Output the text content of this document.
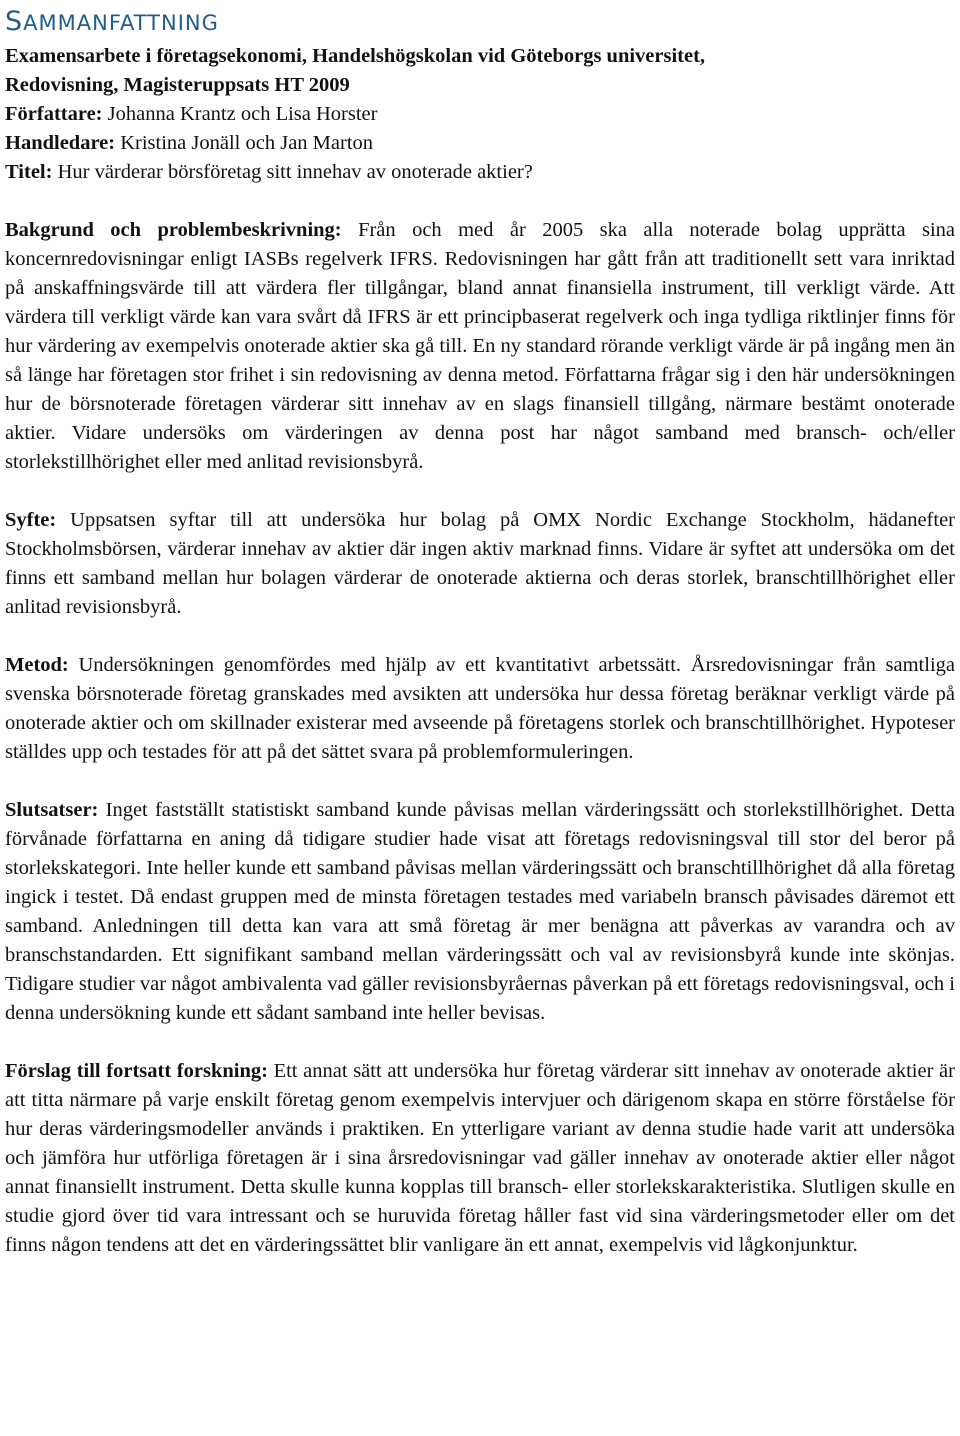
SAMMANFATTNING
Examensarbete i företagsekonomi, Handelshögskolan vid Göteborgs universitet,
Redovisning, Magisteruppsats HT 2009
Författare: Johanna Krantz och Lisa Horster
Handledare: Kristina Jonäll och Jan Marton
Titel: Hur värderar börsföretag sitt innehav av onoterade aktier?

Bakgrund och problembeskrivning: Från och med år 2005 ska alla noterade bolag upprätta sina koncernredovisningar enligt IASBs regelverk IFRS. Redovisningen har gått från att traditionellt sett vara inriktad på anskaffningsvärde till att värdera fler tillgångar, bland annat finansiella instrument, till verkligt värde. Att värdera till verkligt värde kan vara svårt då IFRS är ett principbaserat regelverk och inga tydliga riktlinjer finns för hur värdering av exempelvis onoterade aktier ska gå till. En ny standard rörande verkligt värde är på ingång men än så länge har företagen stor frihet i sin redovisning av denna metod. Författarna frågar sig i den här undersökningen hur de börsnoterade företagen värderar sitt innehav av en slags finansiell tillgång, närmare bestämt onoterade aktier. Vidare undersöks om värderingen av denna post har något samband med bransch- och/eller storlekstillhörighet eller med anlitad revisionsbyrå.

Syfte: Uppsatsen syftar till att undersöka hur bolag på OMX Nordic Exchange Stockholm, hädanefter Stockholmsbörsen, värderar innehav av aktier där ingen aktiv marknad finns. Vidare är syftet att undersöka om det finns ett samband mellan hur bolagen värderar de onoterade aktierna och deras storlek, branschtillhörighet eller anlitad revisionsbyrå.

Metod: Undersökningen genomfördes med hjälp av ett kvantitativt arbetssätt. Årsredovisningar från samtliga svenska börsnoterade företag granskades med avsikten att undersöka hur dessa företag beräknar verkligt värde på onoterade aktier och om skillnader existerar med avseende på företagens storlek och branschtillhörighet. Hypoteser ställdes upp och testades för att på det sättet svara på problemformuleringen.

Slutsatser: Inget fastställt statistiskt samband kunde påvisas mellan värderingssätt och storlekstillhörighet. Detta förvånade författarna en aning då tidigare studier hade visat att företags redovisningsval till stor del beror på storlekskategori. Inte heller kunde ett samband påvisas mellan värderingssätt och branschtillhörighet då alla företag ingick i testet. Då endast gruppen med de minsta företagen testades med variabeln bransch påvisades däremot ett samband. Anledningen till detta kan vara att små företag är mer benägna att påverkas av varandra och av branschstandarden. Ett signifikant samband mellan värderingssätt och val av revisionsbyrå kunde inte skönjas. Tidigare studier var något ambivalenta vad gäller revisionsbyråernas påverkan på ett företags redovisningsval, och i denna undersökning kunde ett sådant samband inte heller bevisas.

Förslag till fortsatt forskning: Ett annat sätt att undersöka hur företag värderar sitt innehav av onoterade aktier är att titta närmare på varje enskilt företag genom exempelvis intervjuer och därigenom skapa en större förståelse för hur deras värderingsmodeller används i praktiken. En ytterligare variant av denna studie hade varit att undersöka och jämföra hur utförliga företagen är i sina årsredovisningar vad gäller innehav av onoterade aktier eller något annat finansiellt instrument. Detta skulle kunna kopplas till bransch- eller storlekskaraktеristika. Slutligen skulle en studie gjord över tid vara intressant och se huruvida företag håller fast vid sina värderingsmetoder eller om det finns någon tendens att det en värderingssättet blir vanligare än ett annat, exempelvis vid lågkonjunktur.
